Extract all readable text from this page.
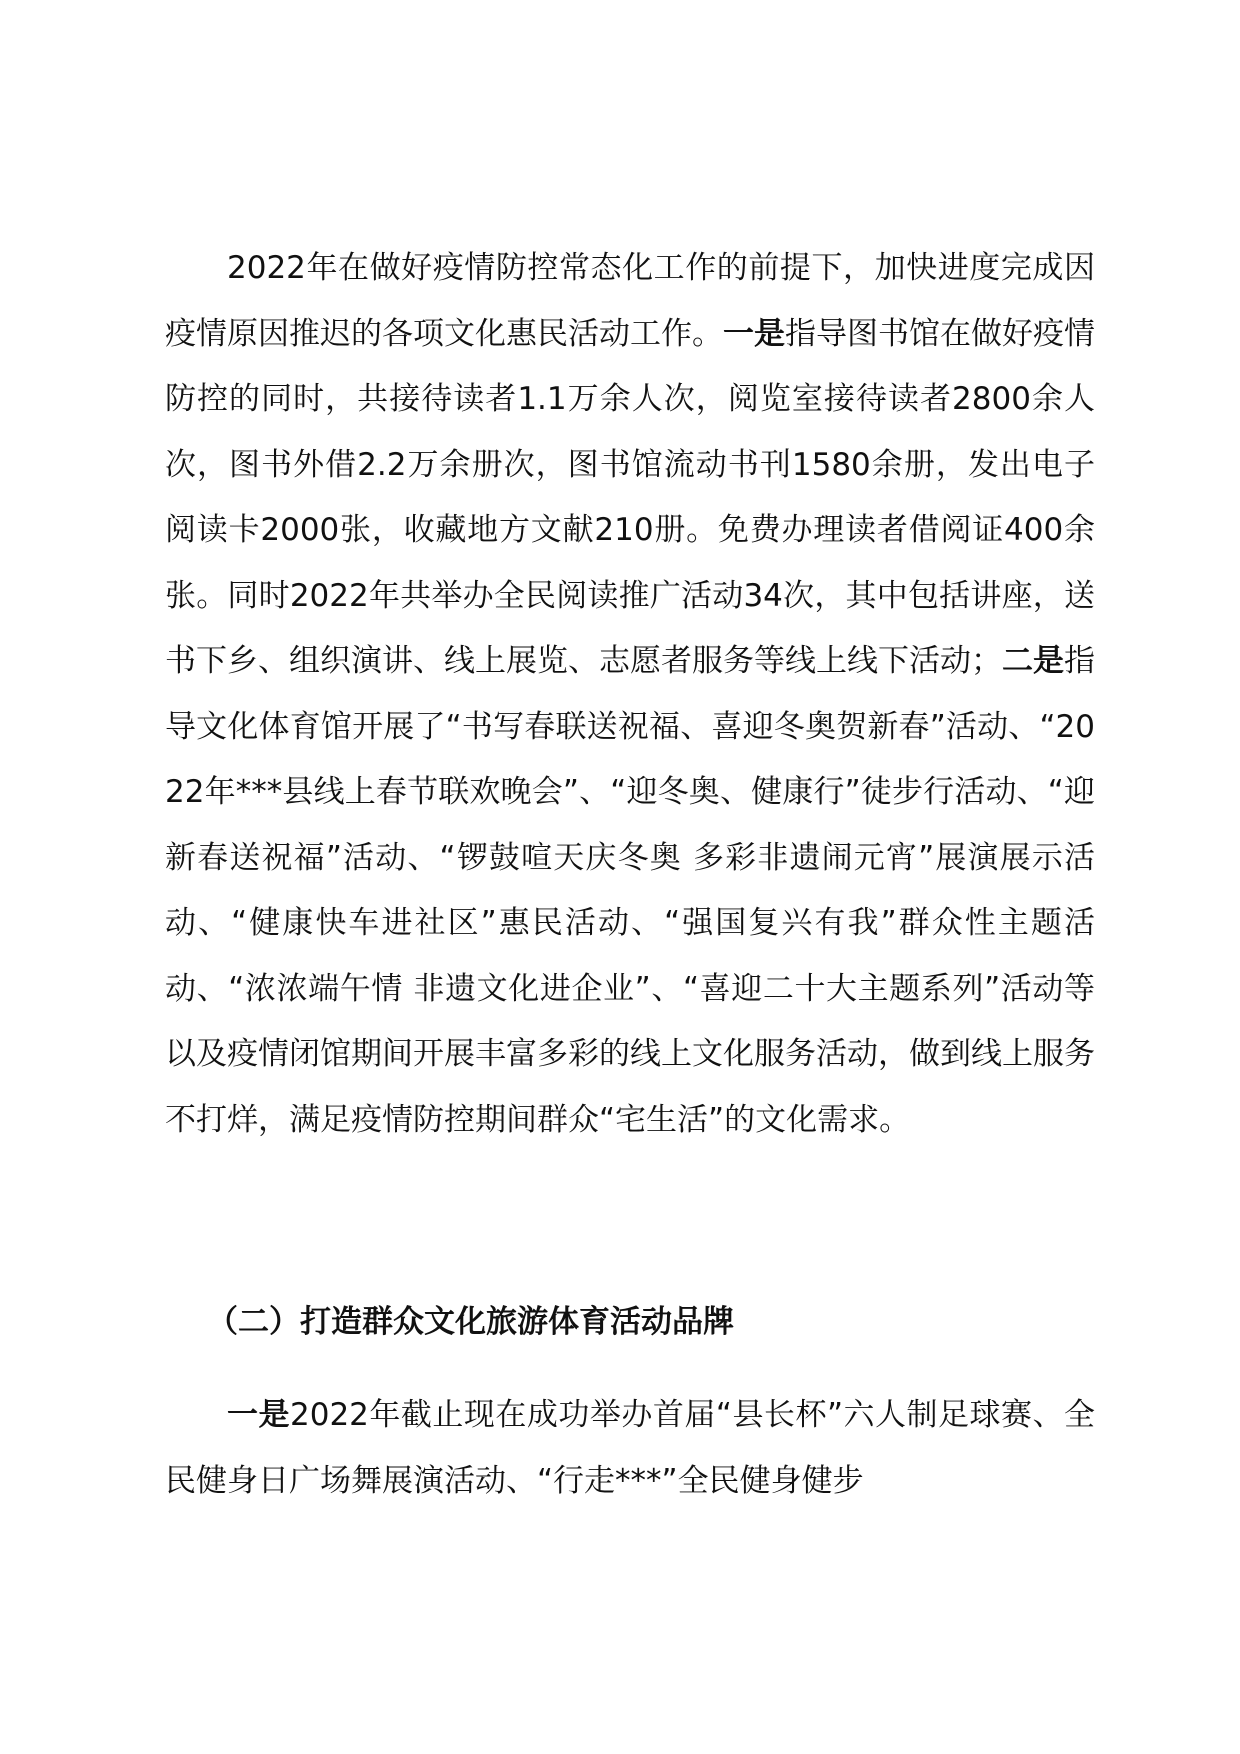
2022年在做好疫情防控常态化工作的前提下，加快进度完成因疫情原因推迟的各项文化惠民活动工作。一是指导图书馆在做好疫情防控的同时，共接待读者1.1万余人次，阅览室接待读者2800余人次，图书外借2.2万余册次，图书馆流动书刊1580余册，发出电子阅读卡2000张，收藏地方文献210册。免费办理读者借阅证400余张。同时2022年共举办全民阅读推广活动34次，其中包括讲座，送书下乡、组织演讲、线上展览、志愿者服务等线上线下活动；二是指导文化体育馆开展了“书写春联送祝福、喜迎冬奥贺新春”活动、“2022年***县线上春节联欢晚会”、“迎冬奥、健康行”徒步行活动、“迎新春送祝福”活动、“锣鼓喧天庆冬奥 多彩非遗闹元宵”展演展示活动、“健康快车进社区”惠民活动、“强国复兴有我”群众性主题活动、“浓浓端午情 非遗文化进企业”、“喜迎二十大主题系列”活动等以及疫情闭馆期间开展丰富多彩的线上文化服务活动，做到线上服务不打烊，满足疫情防控期间群众“宅生活”的文化需求。

（二）打造群众文化旅游体育活动品牌

一是2022年截止现在成功举办首届“县长杯”六人制足球赛、全民健身日广场舞展演活动、“行走***”全民健身健步
